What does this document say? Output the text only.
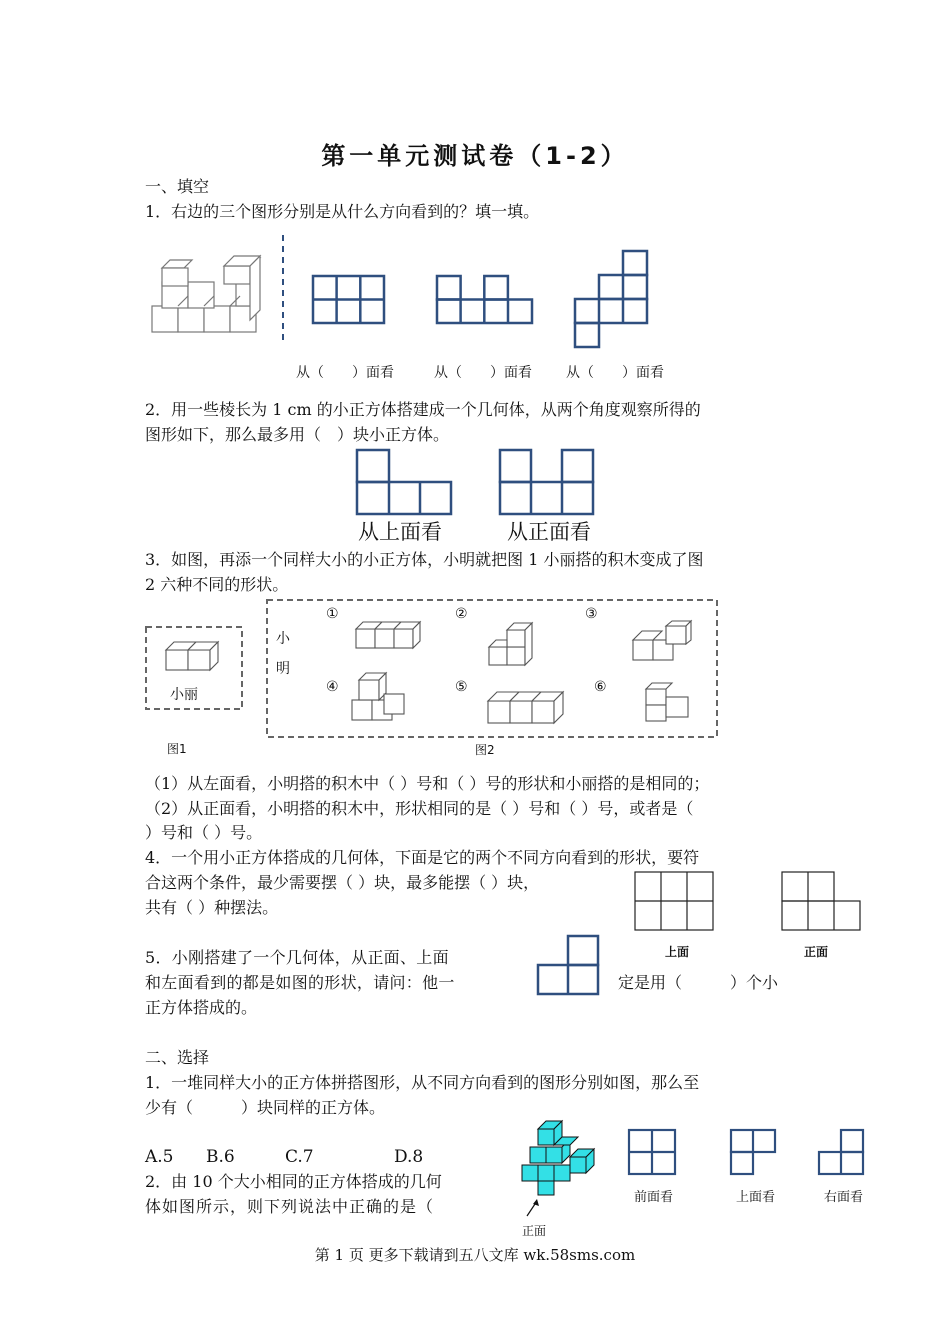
第一单元测试卷（1-2）
一、填空
1．右边的三个图形分别是从什么方向看到的？填一填。
从（　　）面看	从（　　）面看 从（　　）面看
2．用一些棱长为 1 cm 的小正方体搭建成一个几何体，从两个角度观察所得的
图形如下，那么最多用（　）块小正方体。
从上面看	从正面看
3．如图，再添一个同样大小的小正方体，小明就把图 1 小丽搭的积木变成了图
2 六种不同的形状。
小丽
图1
小
明
①	②	③
④	⑤	⑥
图2
（1）从左面看，小明搭的积木中（ ）号和（ ）号的形状和小丽搭的是相同的；
（2）从正面看，小明搭的积木中，形状相同的是（ ）号和（ ）号，或者是（
）号和（ ）号。
4．一个用小正方体搭成的几何体，下面是它的两个不同方向看到的形状，要符
合这两个条件，最少需要摆（ ）块，最多能摆（ ）块，
共有（ ）种摆法。
上面	正面
5．小刚搭建了一个几何体，从正面、上面
和左面看到的都是如图的形状，请问：他一	定是用（　　　）个小
正方体搭成的。
二、选择
1．一堆同样大小的正方体拼搭图形，从不同方向看到的图形分别如图，那么至
少有（　　　）块同样的正方体。
A.5 B.6	C.7	D.8
2．由 10 个大小相同的正方体搭成的几何
体如图所示，则下列说法中正确的是（
正面
前面看	上面看	右面看
第 1 页 更多下载请到五八文库 wk.58sms.com
